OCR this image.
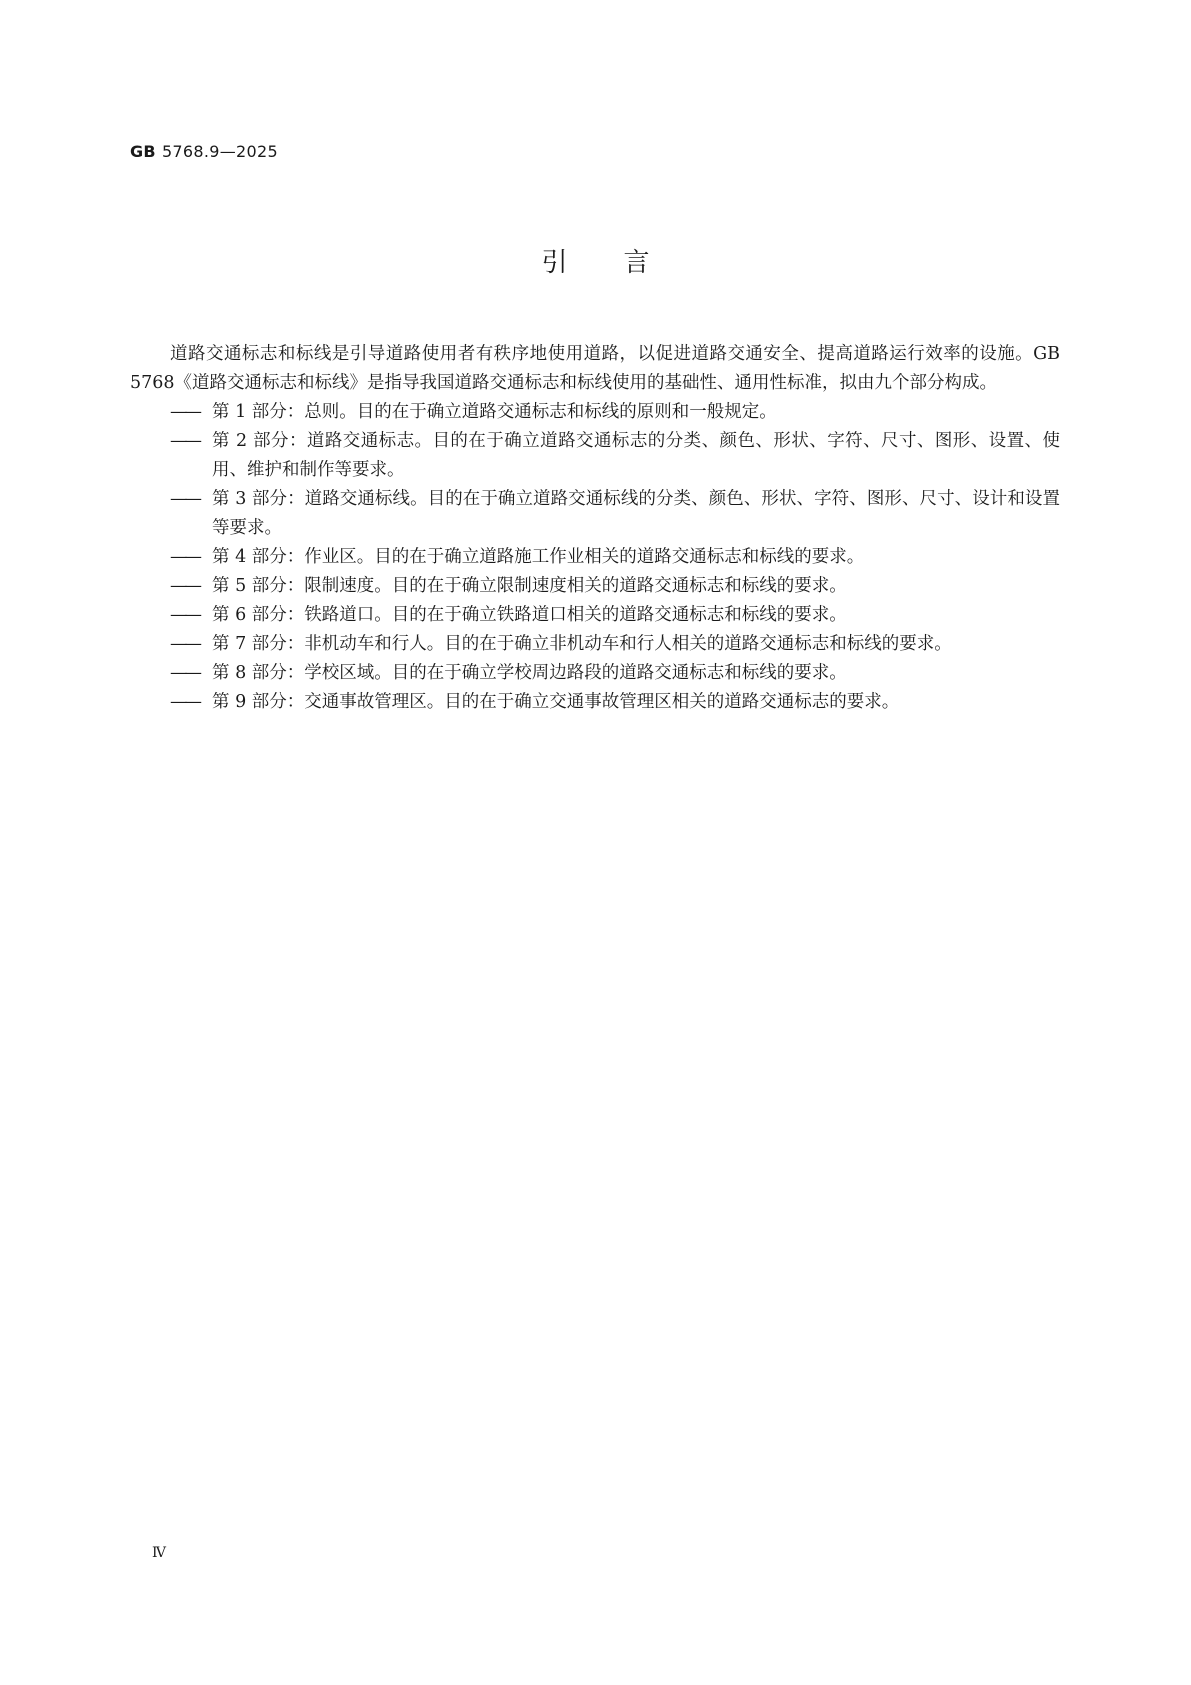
GB 5768.9—2025
引言

道路交通标志和标线是引导道路使用者有秩序地使用道路，以促进道路交通安全、提高道路运行效率的设施。GB 5768《道路交通标志和标线》是指导我国道路交通标志和标线使用的基础性、通用性标准，拟由九个部分构成。

—— 第 1 部分：总则。目的在于确立道路交通标志和标线的原则和一般规定。
—— 第 2 部分：道路交通标志。目的在于确立道路交通标志的分类、颜色、形状、字符、尺寸、图形、设置、使用、维护和制作等要求。
—— 第 3 部分：道路交通标线。目的在于确立道路交通标线的分类、颜色、形状、字符、图形、尺寸、设计和设置等要求。
—— 第 4 部分：作业区。目的在于确立道路施工作业相关的道路交通标志和标线的要求。
—— 第 5 部分：限制速度。目的在于确立限制速度相关的道路交通标志和标线的要求。
—— 第 6 部分：铁路道口。目的在于确立铁路道口相关的道路交通标志和标线的要求。
—— 第 7 部分：非机动车和行人。目的在于确立非机动车和行人相关的道路交通标志和标线的要求。
—— 第 8 部分：学校区域。目的在于确立学校周边路段的道路交通标志和标线的要求。
—— 第 9 部分：交通事故管理区。目的在于确立交通事故管理区相关的道路交通标志的要求。
Ⅳ
